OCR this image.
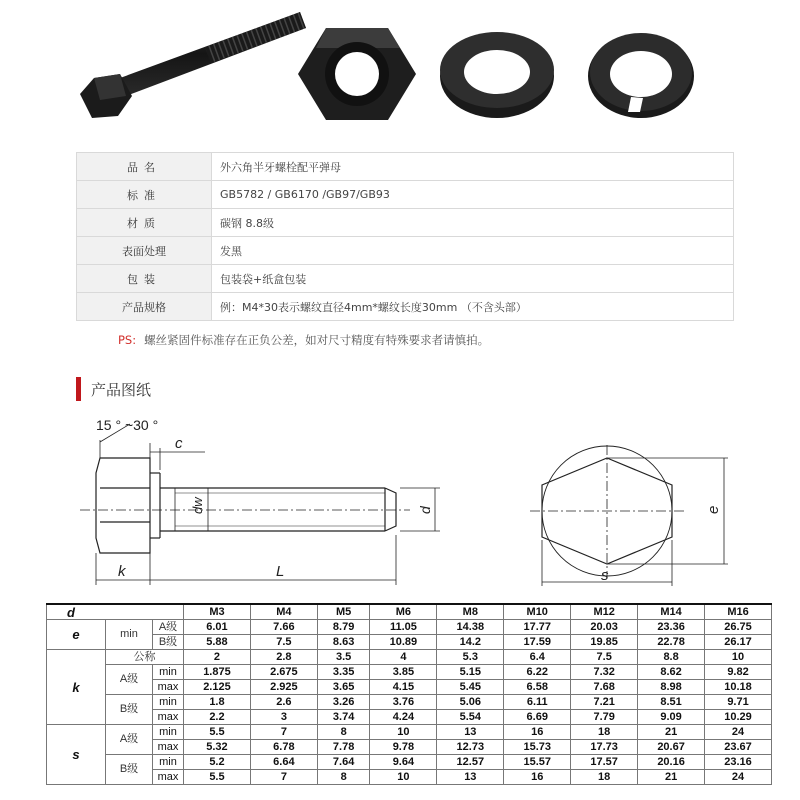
品名	外六角半牙螺栓配平弹母
标准	GB5782 / GB6170 /GB97/GB93
材质	碳钢 8.8级
表面处理	发黑
包装	包装袋+纸盒包装
产品规格	例：M4*30表示螺纹直径4mm*螺纹长度30mm （不含头部）
PS: 螺丝紧固件标准存在正负公差，如对尺寸精度有特殊要求者请慎拍。
产品图纸
15 ° ~30 °
c
dw	d
k	L
e
s
d			M3	M4	M5	M6	M8	M10	M12	M14	M16
e	min	A级	6.01	7.66	8.79	11.05	14.38	17.77	20.03	23.36	26.75
		B级	5.88	7.5	8.63	10.89	14.2	17.59	19.85	22.78	26.17
k	公称		2	2.8	3.5	4	5.3	6.4	7.5	8.8	10
	A级	min	1.875	2.675	3.35	3.85	5.15	6.22	7.32	8.62	9.82
		max	2.125	2.925	3.65	4.15	5.45	6.58	7.68	8.98	10.18
	B级	min	1.8	2.6	3.26	3.76	5.06	6.11	7.21	8.51	9.71
		max	2.2	3	3.74	4.24	5.54	6.69	7.79	9.09	10.29
s	A级	min	5.5	7	8	10	13	16	18	21	24
		max	5.32	6.78	7.78	9.78	12.73	15.73	17.73	20.67	23.67
	B级	min	5.2	6.64	7.64	9.64	12.57	15.57	17.57	20.16	23.16
		max	5.5	7	8	10	13	16	18	21	24
